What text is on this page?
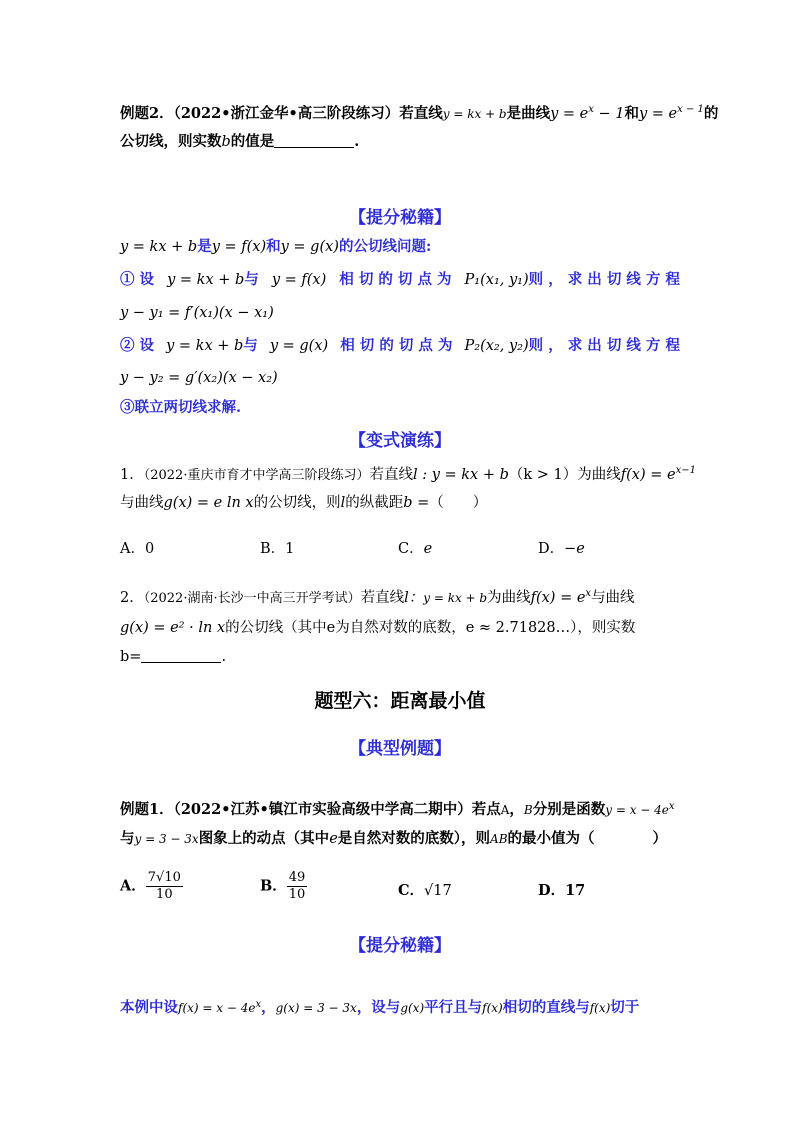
例题2．（2022•浙江金华•高三阶段练习）若直线y = kx + b是曲线$y = e^x - 1$和$y = e^{x - 1}$的
公切线，则实数b的值是	.
【提分秘籍】
y = kx + b是y = f(x)和y = g(x)的公切线问题:
① 设 y = kx + b与 y = f(x) 相 切 的 切 点 为 P₁(x₁, y₁)则 ， 求 出 切 线 方 程
y − y₁ = f′(x₁)(x − x₁)
② 设 y = kx + b与 y = g(x) 相 切 的 切 点 为 P₂(x₂, y₂)则 ， 求 出 切 线 方 程
y − y₂ = g′(x₂)(x − x₂)
③联立两切线求解.
【变式演练】
1．（2022·重庆市育才中学高三阶段练习）若直线l : y = kx + b（k > 1）为曲线$f(x) = e^{x-1}$
与曲线g(x) = e ln x的公切线，则l的纵截距b =（　　）
A．0	B．1	C．e	D．−e
2．（2022·湖南·长沙一中高三开学考试）若直线l：y = kx + b为曲线$f(x) = e^x$与曲线
g(x) = e² · ln x的公切线（其中e为自然对数的底数，e ≈ 2.71828…），则实数
b=	.
题型六：距离最小值
【典型例题】
例题1．（2022•江苏•镇江市实验高级中学高二期中）若点A，B分别是函数$y = x - 4e^x$
与y = 3 − 3x图象上的动点（其中e是自然对数的底数），则AB的最小值为（　　　　）
A． $\frac{7√10}{10}$	B． $\frac{49}{10}$	C．√17	D．17
【提分秘籍】
本例中设$f(x) = x - 4e^x$，g(x) = 3 − 3x，设与g(x)平行且与f(x)相切的直线与f(x)切于
